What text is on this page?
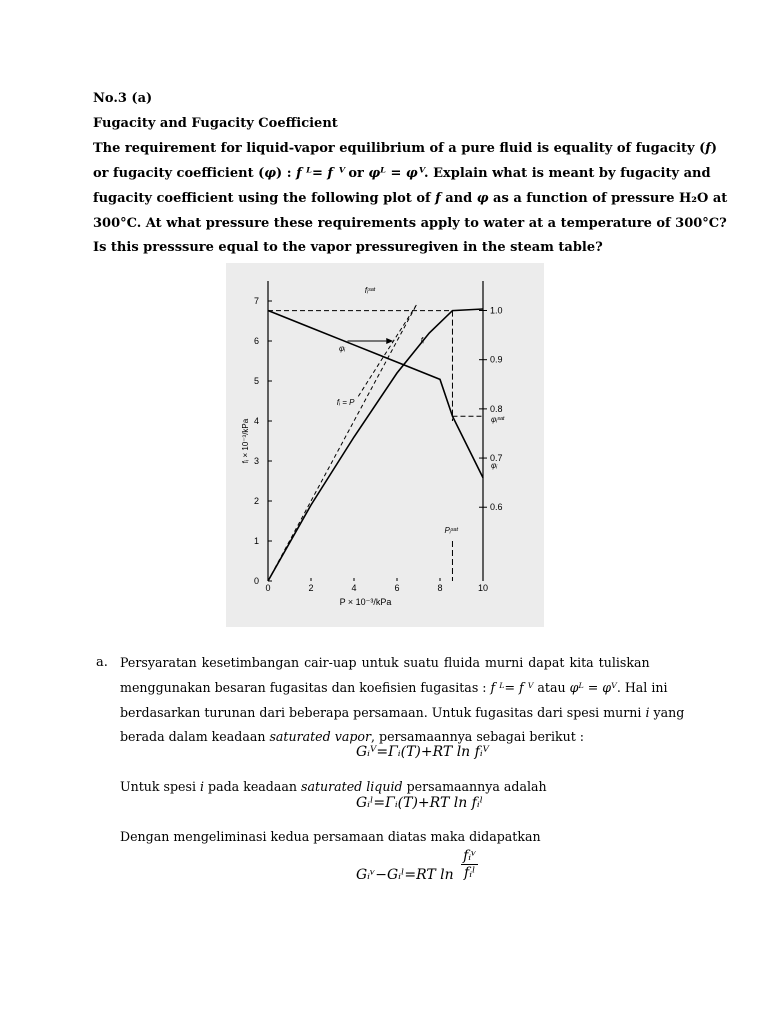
No.3 (a)
Fugacity and Fugacity Coefficient
The requirement for liquid-vapor equilibrium of a pure fluid is equality of fugacity (f)
or fugacity coefficient (φ) : f ᴸ= f ⱽ or φᴸ = φⱽ. Explain what is meant by fugacity and
fugacity coefficient using the following plot of f and φ as a function of pressure H₂O at
300°C. At what pressure these requirements apply to water at a temperature of 300°C?
Is this presssure equal to the vapor pressuregiven in the steam table?
0
1
2
3
4
5
6
7
0.6
0.7
0.8
0.9
1.0
0	2	4	6	8	10
P × 10⁻³/kPa
fᵢ × 10⁻³/kPa
fᵢˢᵃᵗ
φᵢ
fᵢ
fᵢ = P
φᵢˢᵃᵗ
φᵢ
Pᵢˢᵃᵗ
a. Persyaratan kesetimbangan cair-uap untuk suatu fluida murni dapat kita tuliskan
menggunakan besaran fugasitas dan koefisien fugasitas : f ᴸ= f ⱽ atau φᴸ = φⱽ. Hal ini
berdasarkan turunan dari beberapa persamaan. Untuk fugasitas dari spesi murni i yang
berada dalam keadaan saturated vapor, persamaannya sebagai berikut :
Gᵢⱽ=Γᵢ(T)+RT ln fᵢⱽ
Untuk spesi i pada keadaan saturated liquid persamaannya adalah
Gᵢˡ=Γᵢ(T)+RT ln fᵢˡ
Dengan mengeliminasi kedua persamaan diatas maka didapatkan
Gᵢᵛ−Gᵢˡ=RT ln
fᵢᵛ
fᵢˡ
